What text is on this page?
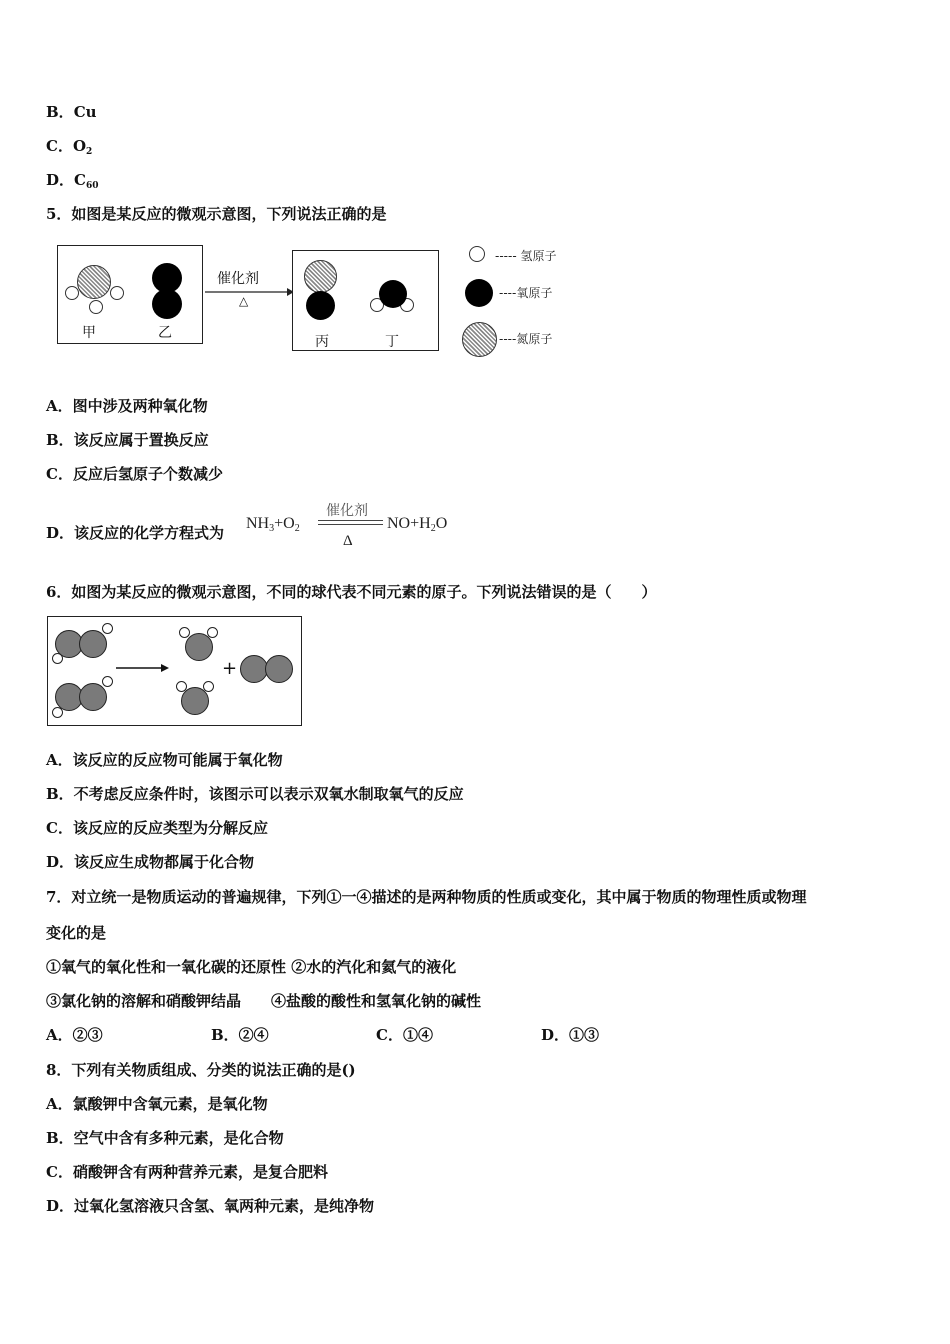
B．Cu
C．$O_2$
D．$C_{60}$
5．如图是某反应的微观示意图，下列说法正确的是
甲	乙
催化剂
△
丙	丁
----- 氢原子
----氧原子
----氮原子
A．图中涉及两种氧化物
B．该反应属于置换反应
C．反应后氢原子个数减少
D．该反应的化学方程式为
$NH_3+O_2$
催化剂
Δ
$NO+H_2O$
6．如图为某反应的微观示意图，不同的球代表不同元素的原子。下列说法错误的是（　　）
+
A．该反应的反应物可能属于氧化物
B．不考虑反应条件时，该图示可以表示双氧水制取氧气的反应
C．该反应的反应类型为分解反应
D．该反应生成物都属于化合物
7．对立统一是物质运动的普遍规律，下列①一④描述的是两种物质的性质或变化，其中属于物质的物理性质或物理
变化的是
①氧气的氧化性和一氧化碳的还原性 ②水的汽化和氦气的液化
③氯化钠的溶解和硝酸钾结晶　　④盐酸的酸性和氢氧化钠的碱性
A．②③	B．②④	C．①④	D．①③
8．下列有关物质组成、分类的说法正确的是()
A．氯酸钾中含氧元素，是氧化物
B．空气中含有多种元素，是化合物
C．硝酸钾含有两种营养元素，是复合肥料
D．过氧化氢溶液只含氢、氧两种元素，是纯净物
